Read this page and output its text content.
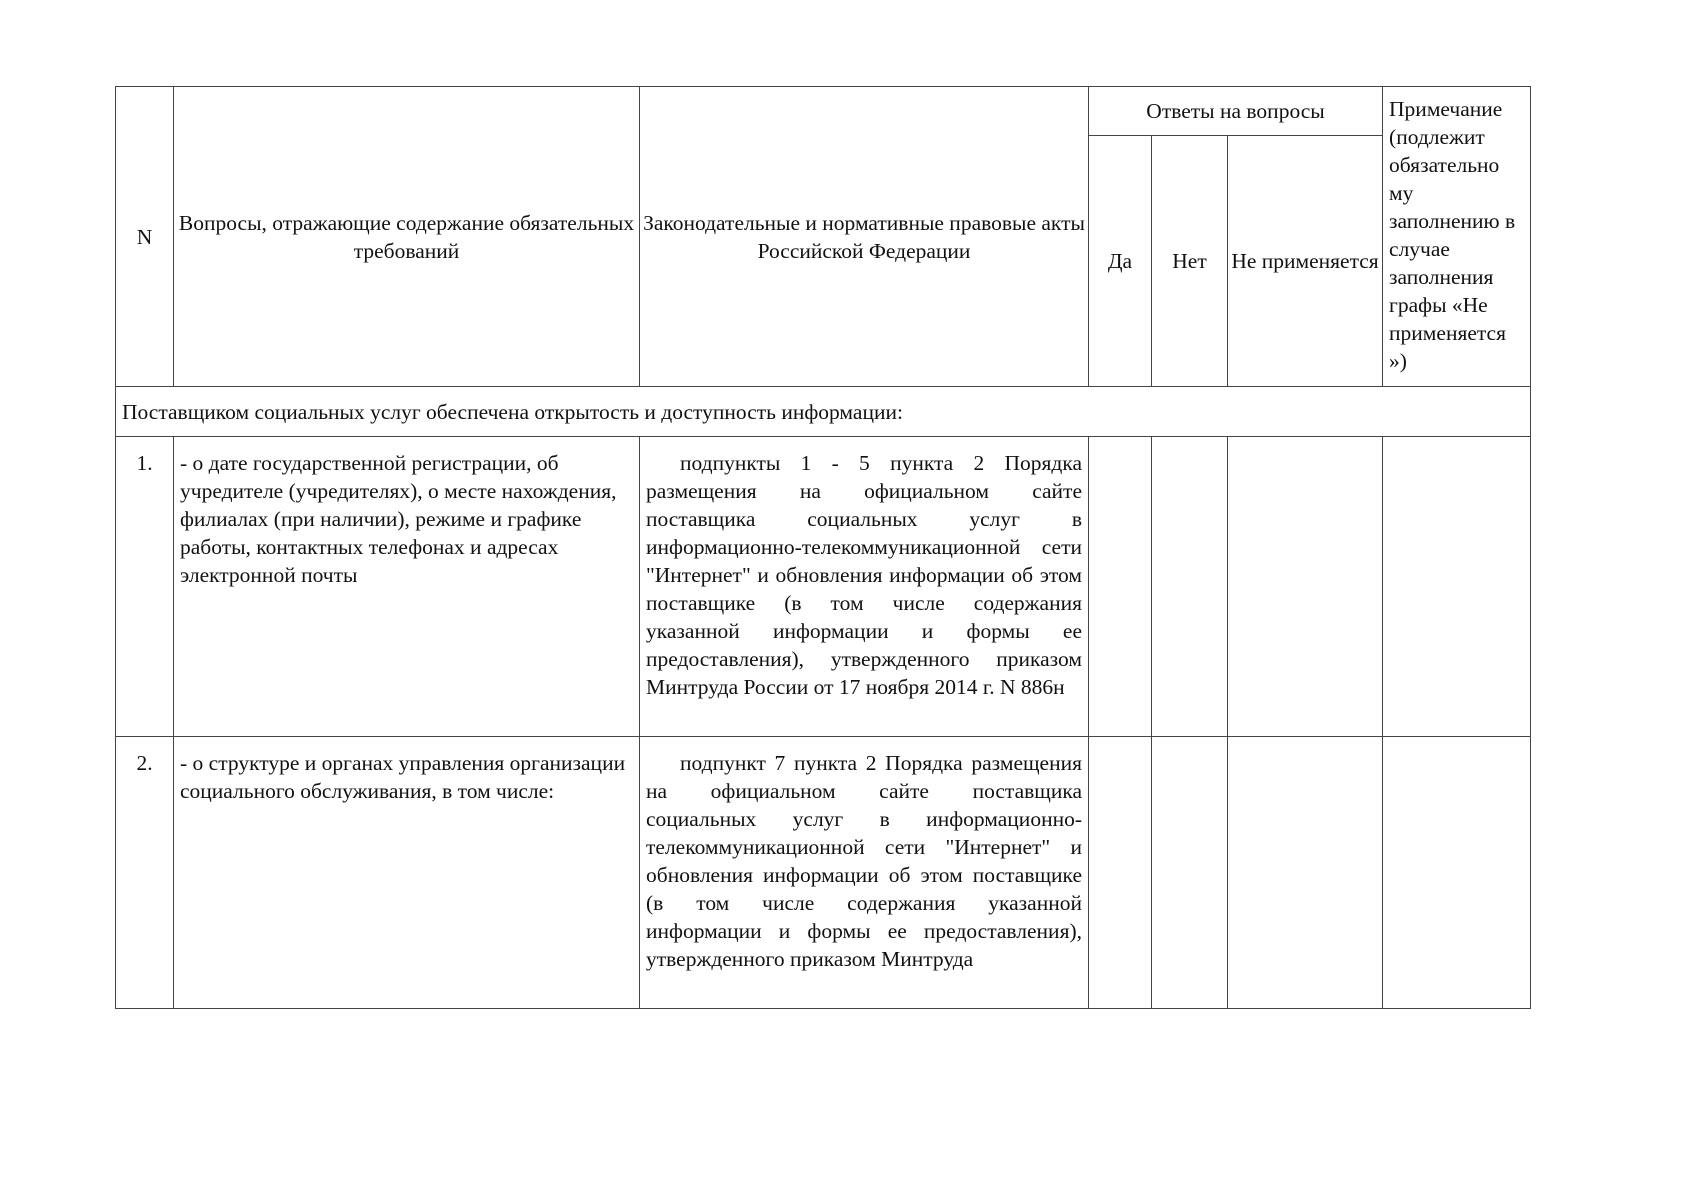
N	Вопросы, отражающие содержание обязательных требований	Законодательные и нормативные правовые акты Российской Федерации	Ответы на вопросы			Примечание (подлежит обязательно му заполнению в случае заполнения графы «Не применяется »)
			Да	Нет	Не применяется	
Поставщиком социальных услуг обеспечена открытость и доступность информации:						
1.	- о дате государственной регистрации, об учредителе (учредителях), о месте нахождения, филиалах (при наличии), режиме и графике работы, контактных телефонах и адресах электронной почты	подпункты 1 - 5 пункта 2 Порядка размещения на официальном сайте поставщика социальных услуг в информационно-телекоммуникационной сети "Интернет" и обновления информации об этом поставщике (в том числе содержания указанной информации и формы ее предоставления), утвержденного приказом Минтруда России от 17 ноября 2014 г. N 886н				
2.	- о структуре и органах управления организации социального обслуживания, в том числе:	подпункт 7 пункта 2 Порядка размещения на официальном сайте поставщика социальных услуг в информационно-телекоммуникационной сети "Интернет" и обновления информации об этом поставщике (в том числе содержания указанной информации и формы ее предоставления), утвержденного приказом Минтруда				
